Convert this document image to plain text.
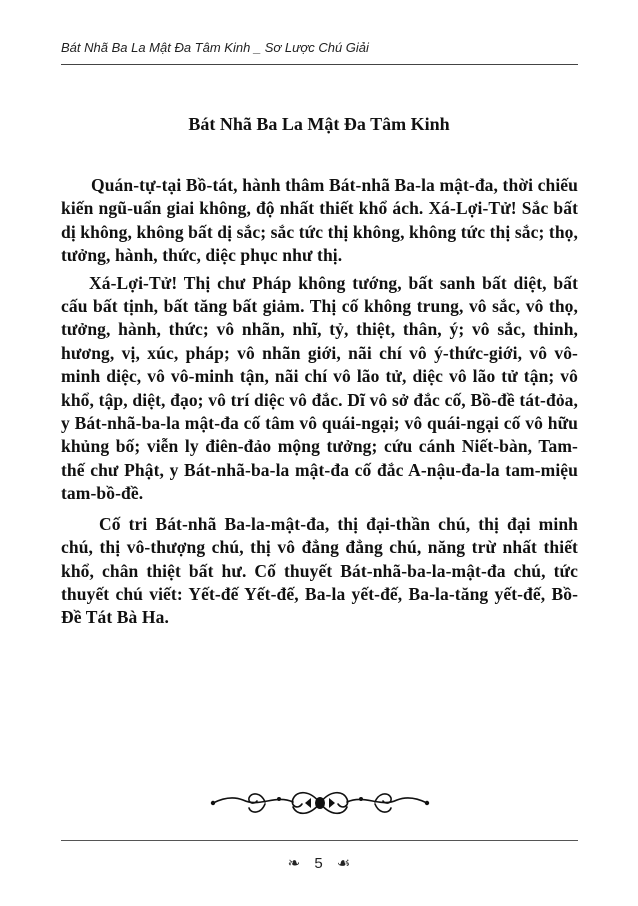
Bát Nhã Ba La Mật Đa Tâm Kinh _ Sơ Lược Chú Giải
Bát Nhã Ba La Mật Đa Tâm Kinh

Quán-tự-tại Bồ-tát, hành thâm Bát-nhã Ba-la mật-đa, thời chiếu kiến ngũ-uẩn giai không, độ nhất thiết khổ ách. Xá-Lợi-Tử! Sắc bất dị không, không bất dị sắc; sắc tức thị không, không tức thị sắc; thọ, tưởng, hành, thức, diệc phục như thị.

Xá-Lợi-Tử! Thị chư Pháp không tướng, bất sanh bất diệt, bất cấu bất tịnh, bất tăng bất giảm. Thị cố không trung, vô sắc, vô thọ, tưởng, hành, thức; vô nhãn, nhĩ, tỷ, thiệt, thân, ý; vô sắc, thinh, hương, vị, xúc, pháp; vô nhãn giới, nãi chí vô ý-thức-giới, vô vô-minh diệc, vô vô-minh tận, nãi chí vô lão tử, diệc vô lão tử tận; vô khổ, tập, diệt, đạo; vô trí diệc vô đắc. Dĩ vô sở đắc cố, Bồ-đề tát-đỏa, y Bát-nhã-ba-la mật-đa cố tâm vô quái-ngại; vô quái-ngại cố vô hữu khủng bố; viễn ly điên-đảo mộng tưởng; cứu cánh Niết-bàn, Tam-thế chư Phật, y Bát-nhã-ba-la mật-đa cố đắc A-nậu-đa-la tam-miệu tam-bồ-đề.

Cố tri Bát-nhã Ba-la-mật-đa, thị đại-thần chú, thị đại minh chú, thị vô-thượng chú, thị vô đẳng đẳng chú, năng trừ nhất thiết khổ, chân thiệt bất hư. Cố thuyết Bát-nhã-ba-la-mật-đa chú, tức thuyết chú viết: Yết-đế Yết-đế, Ba-la yết-đế, Ba-la-tăng yết-đế, Bồ-Đề Tát Bà Ha.

❧ 5 ☙
